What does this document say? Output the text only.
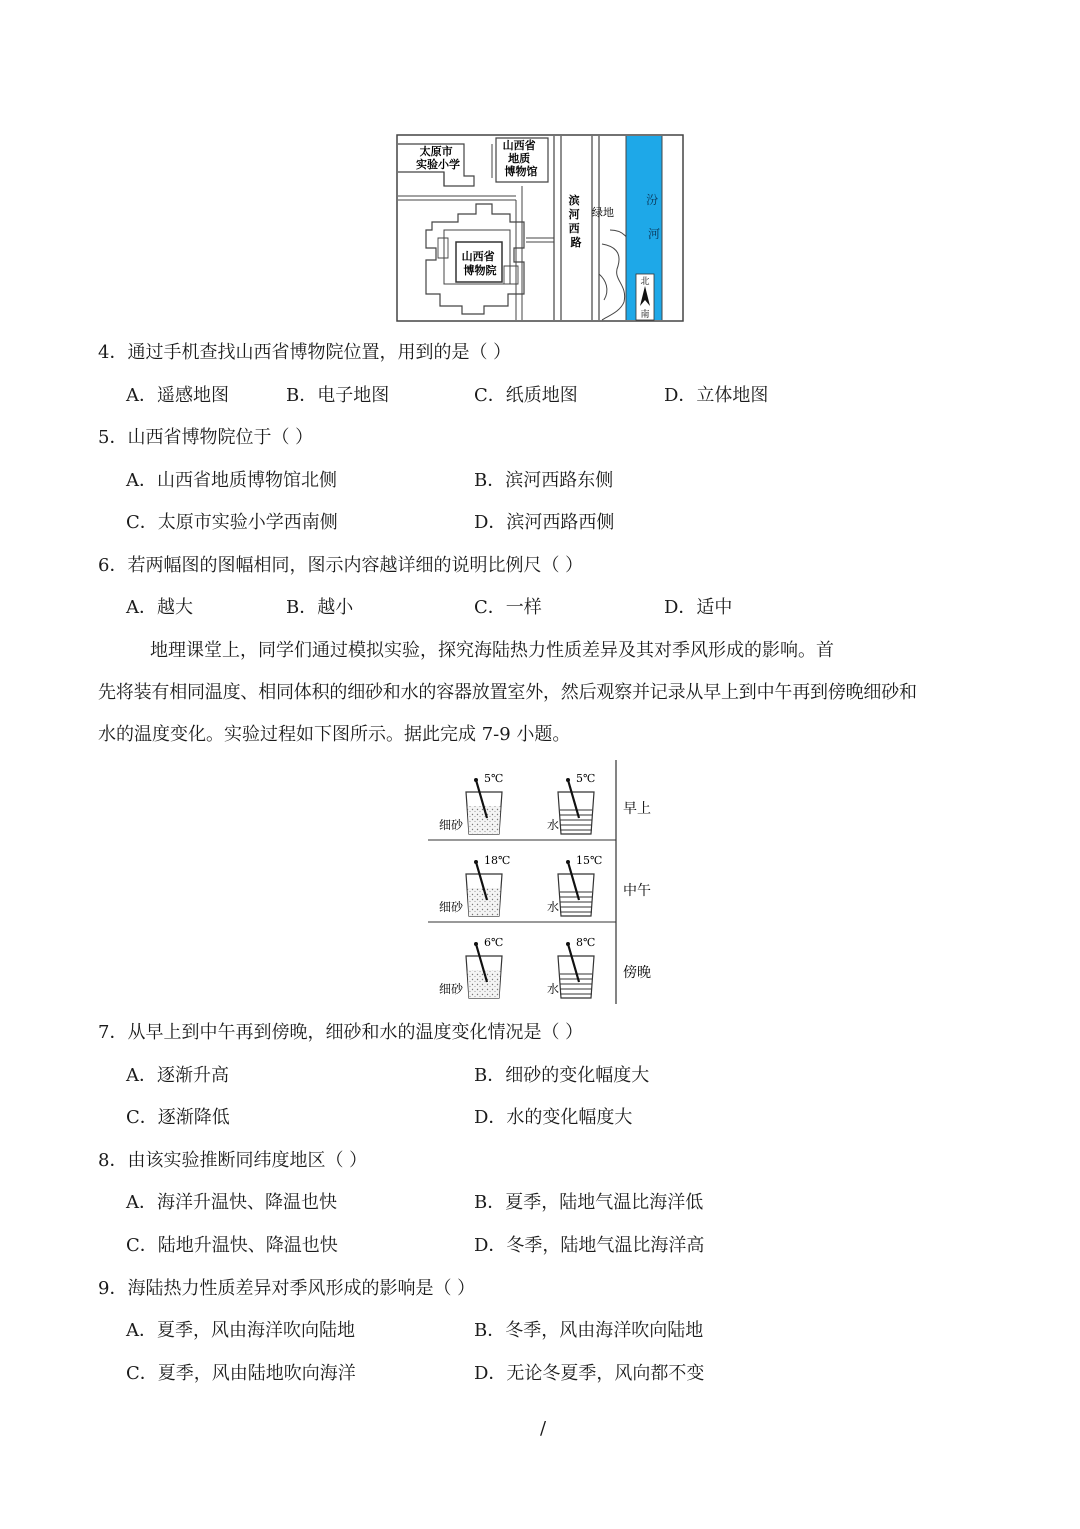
太原市 实验小学
山西省 地质 博物馆
山西省 博物院
滨 河 西 路
绿地
汾 河
北
南
4．通过手机查找山西省博物院位置，用到的是（ ）
A．遥感地图	B．电子地图	C．纸质地图	D．立体地图
5．山西省博物院位于（ ）
A．山西省地质博物馆北侧	B．滨河西路东侧
C．太原市实验小学西南侧	D．滨河西路西侧
6．若两幅图的图幅相同，图示内容越详细的说明比例尺（ ）
A．越大	B．越小	C．一样	D．适中
地理课堂上，同学们通过模拟实验，探究海陆热力性质差异及其对季风形成的影响。首
先将装有相同温度、相同体积的细砂和水的容器放置室外，然后观察并记录从早上到中午再到傍晚细砂和
水的温度变化。实验过程如下图所示。据此完成 7-9 小题。
5℃	5℃
细砂	水
早上
18℃	15℃
细砂	水
中午
6℃	8℃
细砂	水
傍晚
7．从早上到中午再到傍晚，细砂和水的温度变化情况是（ ）
A．逐渐升高	B．细砂的变化幅度大
C．逐渐降低	D．水的变化幅度大
8．由该实验推断同纬度地区（ ）
A．海洋升温快、降温也快	B．夏季，陆地气温比海洋低
C．陆地升温快、降温也快	D．冬季，陆地气温比海洋高
9．海陆热力性质差异对季风形成的影响是（ ）
A．夏季，风由海洋吹向陆地	B．冬季，风由海洋吹向陆地
C．夏季，风由陆地吹向海洋	D．无论冬夏季，风向都不变
/
